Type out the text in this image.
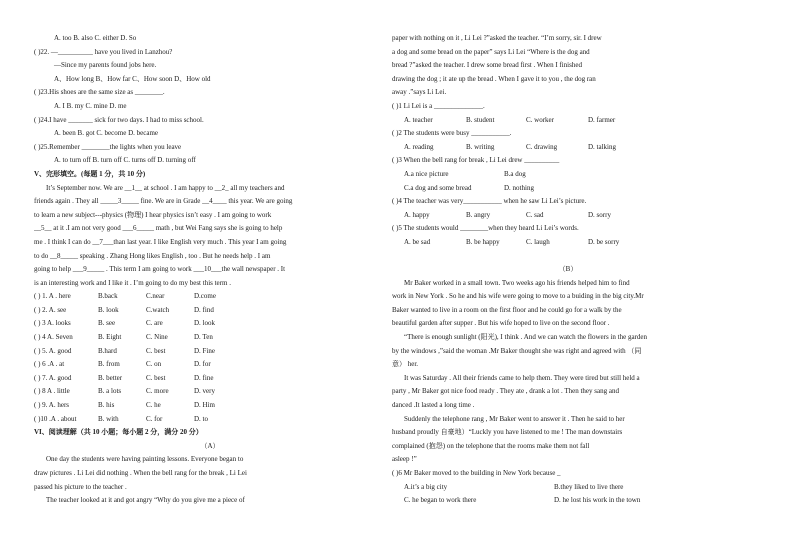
A. too B. also C. either D. So
( )22. —__________ have you lived in Lanzhou?
—Since my parents found jobs here.
A、How long B、How far C、How soon D、How old
( )23.His shoes are the same size as ________.
A. I B. my C. mine D. me
( )24.I have _______ sick for two days. I had to miss school.
A. been B. got C. become D. became
( )25.Remember ________the lights when you leave
A. to turn off B. turn off C. turns off D. turning off
V、完形填空。(每题 1 分，共 10 分)
It’s September now. We are __1__ at school . I am happy to __2_ all my teachers and
friends again . They all _____3_____ fine. We are in Grade __4____ this year. We are going
to learn a new subject---physics (物理) I hear physics isn’t easy . I am going to work
__5__ at it .I am not very good ___6_____ math , but Wei Fang says she is going to help
me . I think I can do __7___than last year. I like English very much . This year I am going
to do __8_____ speaking . Zhang Hong likes English , too . But he needs help . I am
going to help ___9_____ . This term I am going to work ___10___the wall newspaper . It
is an interesting work and I like it . I’m going to do my best this term .
( ) 1. A . here	B.back	C.near	D.come
( ) 2. A. see	B. look	C.watch	D. find
( ) 3 A. looks	B. see	C. are	D. look
( ) 4 A. Seven	B. Eight	C. Nine	D. Ten
( ) 5. A. good	B.hard	C. best	D. Fine
( ) 6 .A . at	B. from	C. on	D. for
( ) 7. A. good	B. better	C. best	D. fine
( ) 8 A . little	B. a lots	C. more	D. very
( ) 9. A. hers	B. his	C. he	D. Him
( )10 .A . about	B. with	C. for	D. to
VI、阅读理解（共 10 小题；每小题 2 分，满分 20 分）
（A）
One day the students were having painting lessons. Everyone began to
draw pictures . Li Lei did nothing . When the bell rang for the break , Li Lei
passed his picture to the teacher .
The teacher looked at it and got angry “Why do you give me a piece of
paper with nothing on it , Li Lei ?”asked the teacher. “I’m sorry, sir. I drew
a dog and some bread on the paper” says Li Lei “Where is the dog and
bread ?”asked the teacher. I drew some bread first . When I finished
drawing the dog ; it ate up the bread . When I gave it to you , the dog ran
away .”says Li Lei.
( )1 Li Lei is a ______________.
A. teacher	B. student	C. worker	D. farmer
( )2 The students were busy ___________.
A. reading	B. writing	C. drawing	D. talking
( )3 When the bell rang for break , Li Lei drew __________
A.a nice picture	B.a dog
C.a dog and some bread	D. nothing
( )4 The teacher was very___________ when he saw Li Lei’s picture.
A. happy	B. angry	C. sad	D. sorry
( )5 The students would ________when they heard Li Lei’s words.
A. be sad	B. be happy	C. laugh	D. be sorry
（B）
Mr Baker worked in a small town. Two weeks ago his friends helped him to find
work in New York . So he and his wife were going to move to a buiding in the big city.Mr
Baker wanted to live in a room on the first floor and he could go for a walk by the
beautiful garden after supper . But his wife hoped to live on the second floor .
“There is enough sunlight (阳光), I think . And we can watch the flowers in the garden
by the windows ,”said the woman .Mr Baker thought she was right and agreed with （同
意） her.
It was Saturday . All their friends came to help them. They were tired but still held a
party , Mr Baker got nice food ready . They ate , drank a lot . Then they sang and
danced .It lasted a long time .
Suddenly the telephone rang , Mr Baker went to answer it . Then he said to her
husband proudly 自豪地）“Luckly you have listened to me ! The man downstairs
complained (抱怨) on the telephone that the rooms make them not fall
asleep !”
( )6 Mr Baker moved to the building in New York because _
A.it’s a big city	B.they liked to live there
C. he began to work there	D. he lost his work in the town
